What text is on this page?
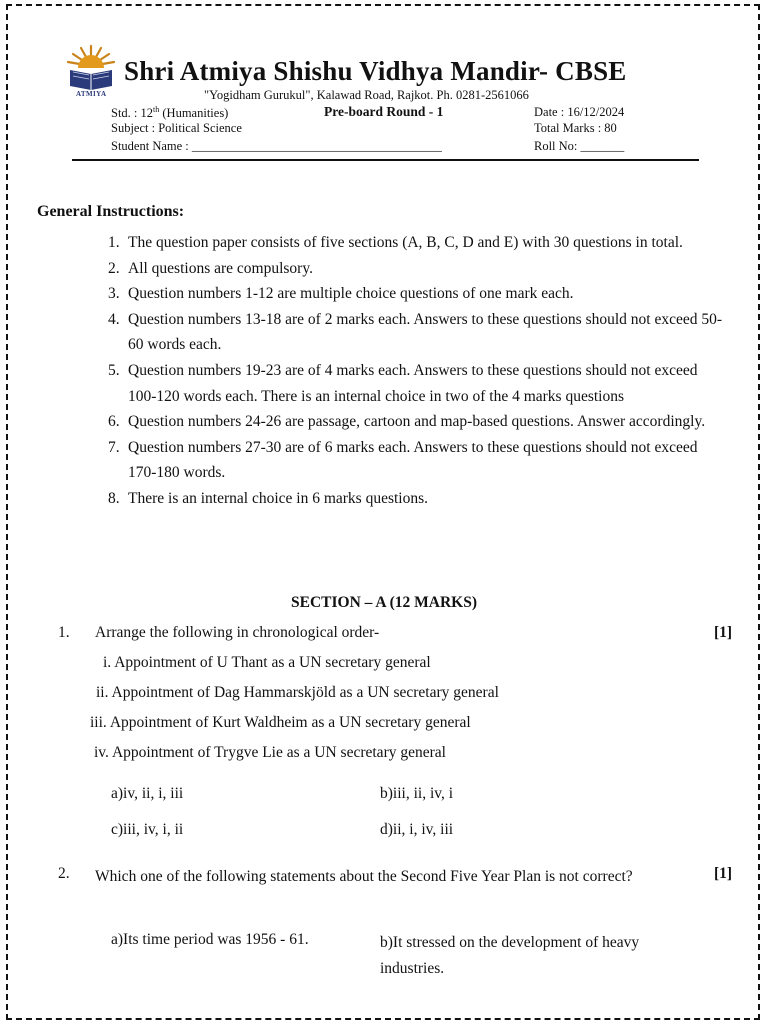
ATMIYA
Shri Atmiya Shishu Vidhya Mandir- CBSE
"Yogidham Gurukul", Kalawad Road, Rajkot. Ph. 0281-2561066
Std. : 12th (Humanities)	Pre-board Round - 1	Date : 16/12/2024
Subject : Political Science	Total Marks : 80
Student Name : ________________________________________	Roll No: _______
General Instructions:
1. The question paper consists of five sections (A, B, C, D and E) with 30 questions in total.
2. All questions are compulsory.
3. Question numbers 1-12 are multiple choice questions of one mark each.
4. Question numbers 13-18 are of 2 marks each. Answers to these questions should not exceed 50-60 words each.
5. Question numbers 19-23 are of 4 marks each. Answers to these questions should not exceed 100-120 words each. There is an internal choice in two of the 4 marks questions
6. Question numbers 24-26 are passage, cartoon and map-based questions. Answer accordingly.
7. Question numbers 27-30 are of 6 marks each. Answers to these questions should not exceed 170-180 words.
8. There is an internal choice in 6 marks questions.
SECTION – A (12 MARKS)
1. Arrange the following in chronological order-	[1]
i. Appointment of U Thant as a UN secretary general
ii. Appointment of Dag Hammarskjöld as a UN secretary general
iii. Appointment of Kurt Waldheim as a UN secretary general
iv. Appointment of Trygve Lie as a UN secretary general
a)iv, ii, i, iii	b)iii, ii, iv, i
c)iii, iv, i, ii	d)ii, i, iv, iii
2. Which one of the following statements about the Second Five Year Plan is not correct?	[1]
a)Its time period was 1956 - 61.	b)It stressed on the development of heavy industries.
